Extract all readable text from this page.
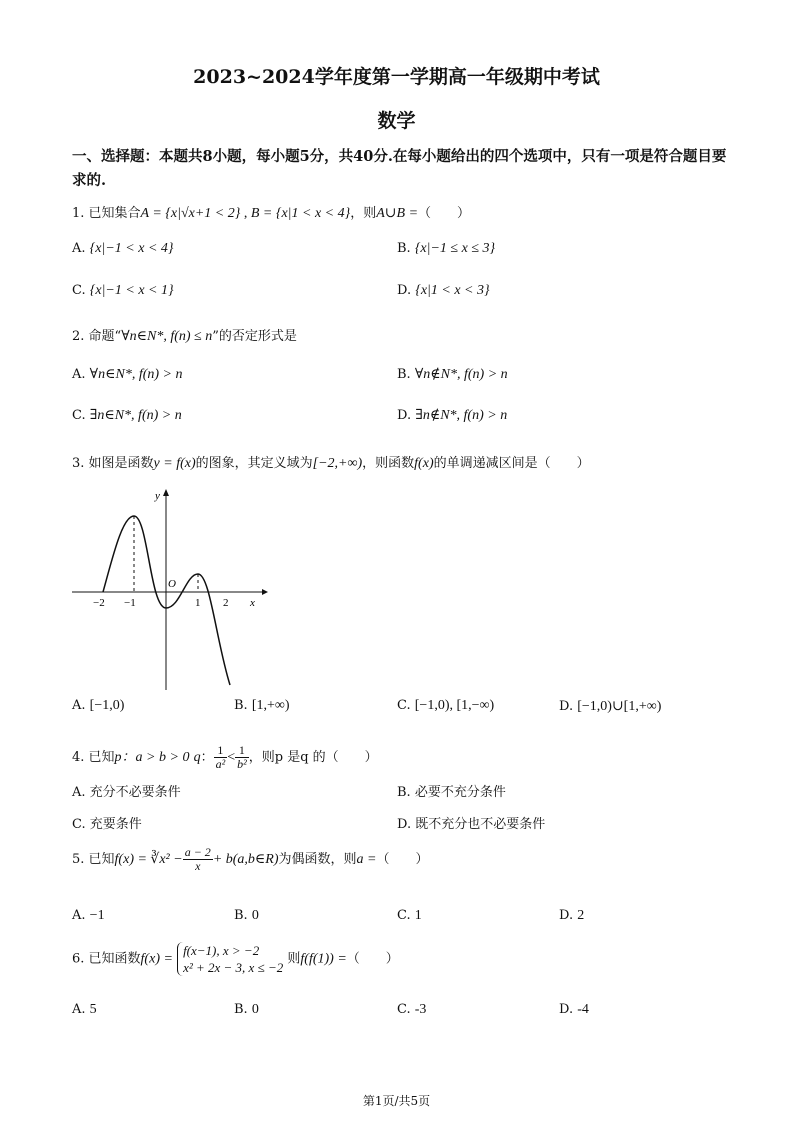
2023~2024学年度第一学期高一年级期中考试
数学
一、选择题：本题共8小题，每小题5分，共40分.在每小题给出的四个选项中，只有一项是符合题目要求的.
1. 已知集合A = {x|√x+1 < 2} , B = {x|1 < x < 4}，则A∪B =（　　）
A. {x|−1 < x < 4}	B. {x|−1 ≤ x ≤ 3}
C. {x|−1 < x < 1}	D. {x|1 < x < 3}
2. 命题“∀n∈N*, f(n) ≤ n”的否定形式是
A. ∀n∈N*, f(n) > n	B. ∀n∉N*, f(n) > n
C. ∃n∈N*, f(n) > n	D. ∃n∉N*, f(n) > n
3. 如图是函数y = f(x)的图象，其定义域为[−2,+∞)，则函数f(x)的单调递减区间是（　　）
y
x
O
−2 −1	1 2
A. [−1,0)	B. [1,+∞)	C. [−1,0), [1,−∞)	D. [−1,0)∪[1,+∞)
4. 已知p：a > b > 0 q： $\frac{1}{\text{a²}} < \frac{1}{\text{b²}}$ ，则p 是q 的（　　）
A. 充分不必要条件	B. 必要不充分条件
C. 充要条件	D. 既不充分也不必要条件
5. 已知f(x) = ∛x² − $\frac{a - 2}{x}$ + b(a,b∈R)为偶函数，则a =（　　）
A. −1	B. 0	C. 1	D. 2
6. 已知函数f(x) =
f(x−1), x > −2
x² + 2x − 3, x ≤ −2
则f(f(1)) =（　　）
A. 5	B. 0	C. -3	D. -4
第1页/共5页
